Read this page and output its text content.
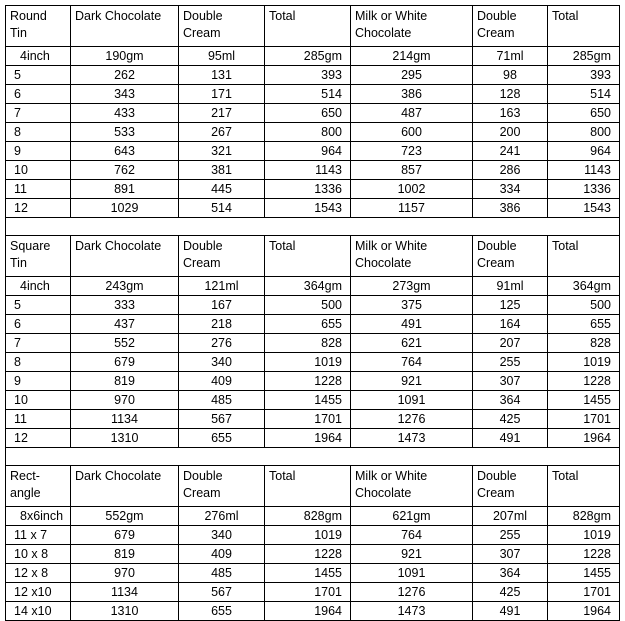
Round Tin	Dark Chocolate	Double Cream	Total	Milk or White Chocolate	Double Cream	Total
4inch	190gm	95ml	285gm	214gm	71ml	285gm
5	262	131	393	295	98	393
6	343	171	514	386	128	514
7	433	217	650	487	163	650
8	533	267	800	600	200	800
9	643	321	964	723	241	964
10	762	381	1143	857	286	1143
11	891	445	1336	1002	334	1336
12	1029	514	1543	1157	386	1543

Square Tin	Dark Chocolate	Double Cream	Total	Milk or White Chocolate	Double Cream	Total
4inch	243gm	121ml	364gm	273gm	91ml	364gm
5	333	167	500	375	125	500
6	437	218	655	491	164	655
7	552	276	828	621	207	828
8	679	340	1019	764	255	1019
9	819	409	1228	921	307	1228
10	970	485	1455	1091	364	1455
11	1134	567	1701	1276	425	1701
12	1310	655	1964	1473	491	1964

Rect-angle	Dark Chocolate	Double Cream	Total	Milk or White Chocolate	Double Cream	Total
8x6inch	552gm	276ml	828gm	621gm	207ml	828gm
11 x 7	679	340	1019	764	255	1019
10 x 8	819	409	1228	921	307	1228
12 x 8	970	485	1455	1091	364	1455
12 x10	1134	567	1701	1276	425	1701
14 x10	1310	655	1964	1473	491	1964
